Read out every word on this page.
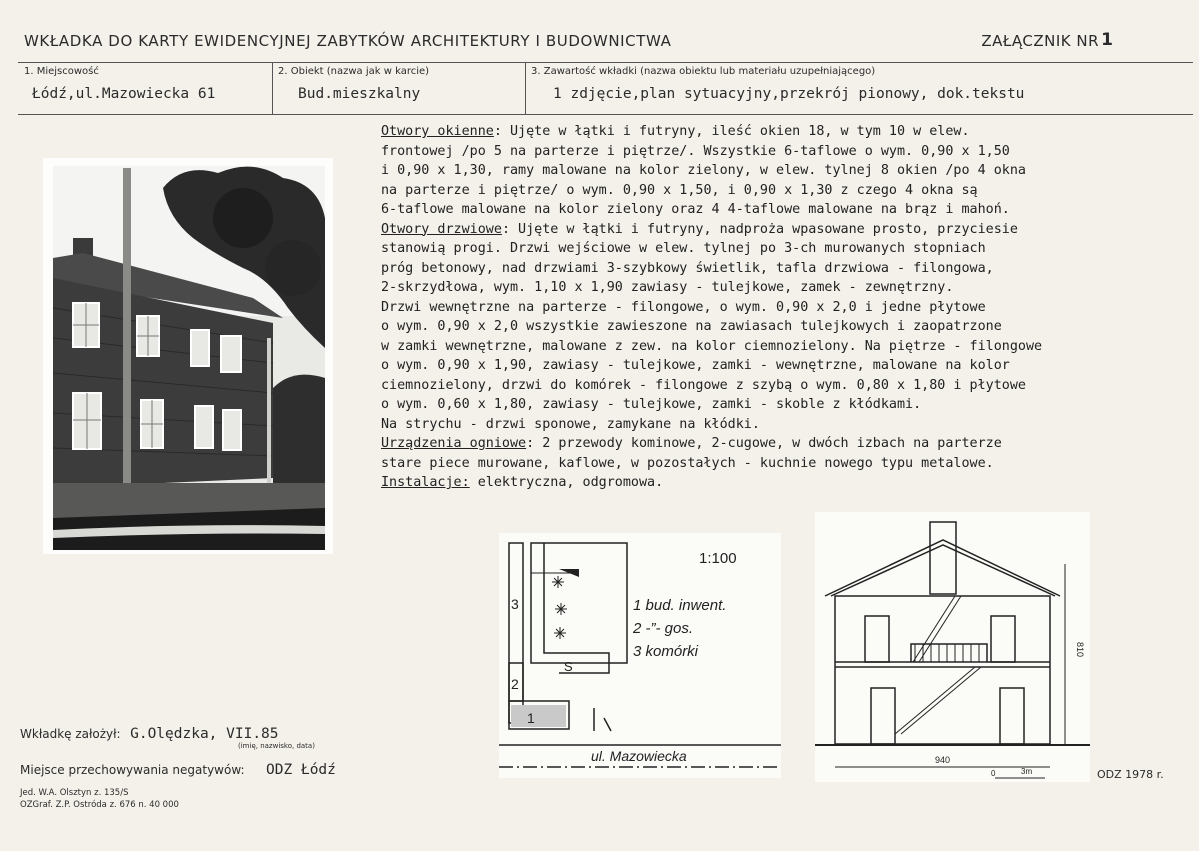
WKŁADKA DO KARTY EWIDENCYJNEJ ZABYTKÓW ARCHITEKTURY I BUDOWNICTWA	ZAŁĄCZNIK NR 1
1. Miejscowość
Łódź,ul.Mazowiecka 61
2. Obiekt (nazwa jak w karcie)
Bud.mieszkalny
3. Zawartość wkładki (nazwa obiektu lub materiału uzupełniającego)
1 zdjęcie,plan sytuacyjny,przekrój pionowy, dok.tekstu

Otwory okienne: Ujęte w łątki i futryny, ileść okien 18, w tym 10 w elew.

frontowej /po 5 na parterze i piętrze/. Wszystkie 6-taflowe o wym. 0,90 x 1,50

i 0,90 x 1,30, ramy malowane na kolor zielony, w elew. tylnej 8 okien /po 4 okna

na parterze i piętrze/ o wym. 0,90 x 1,50, i 0,90 x 1,30 z czego 4 okna są

6-taflowe malowane na kolor zielony oraz 4 4-taflowe malowane na brąz i mahoń.

Otwory drzwiowe: Ujęte w łątki i futryny, nadproża wpasowane prosto, przyciesie

stanowią progi. Drzwi wejściowe w elew. tylnej po 3-ch murowanych stopniach

próg betonowy, nad drzwiami 3-szybkowy świetlik, tafla drzwiowa - filongowa,

2-skrzydłowa, wym. 1,10 x 1,90 zawiasy - tulejkowe, zamek - zewnętrzny.

Drzwi wewnętrzne na parterze - filongowe, o wym. 0,90 x 2,0 i jedne płytowe

o wym. 0,90 x 2,0 wszystkie zawieszone na zawiasach tulejkowych i zaopatrzone

w zamki wewnętrzne, malowane z zew. na kolor ciemnozielony. Na piętrze - filongowe

o wym. 0,90 x 1,90, zawiasy - tulejkowe, zamki - wewnętrzne, malowane na kolor

ciemnozielony, drzwi do komórek - filongowe z szybą o wym. 0,80 x 1,80 i płytowe

o wym. 0,60 x 1,80, zawiasy - tulejkowe, zamki - skoble z kłódkami.

Na strychu - drzwi sponowe, zamykane na kłódki.

Urządzenia ogniowe: 2 przewody kominowe, 2-cugowe, w dwóch izbach na parterze

stare piece murowane, kaflowe, w pozostałych - kuchnie nowego typu metalowe.

Instalacje: elektryczna, odgromowa.

1:100
1 bud. inwent.
2 -”- gos.
3 komórki
3
2
1
S
ul. Mazowiecka
810
940
0	3m
Wkładkę założył: G.Olędzka, VII.85
(imię, nazwisko, data)
Miejsce przechowywania negatywów: ODZ Łódź
Jed. W.A. Olsztyn z. 135/S
OZGraf. Z.P. Ostróda z. 676 n. 40 000
ODZ 1978 r.
